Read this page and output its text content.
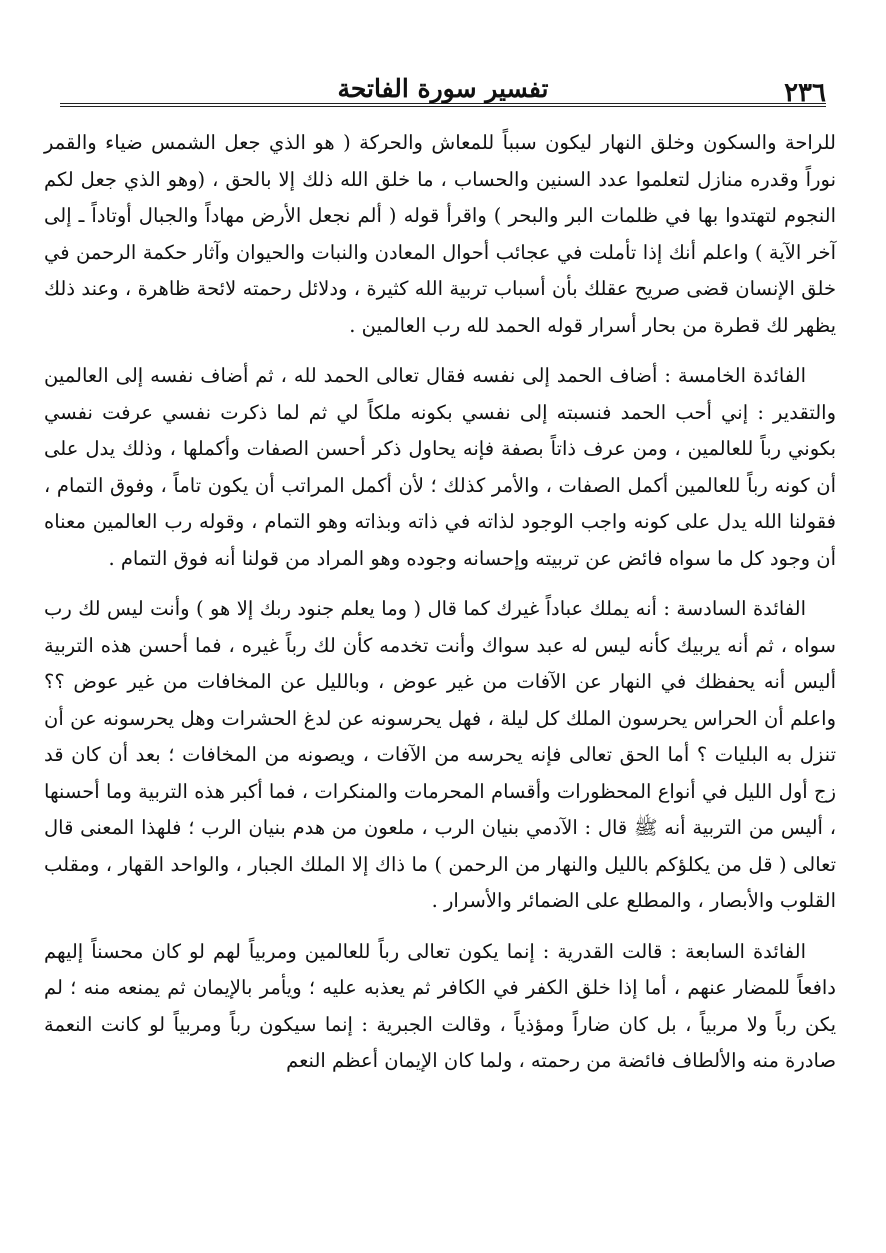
٢٣٦
تفسير سورة الفاتحة

للراحة والسكون وخلق النهار ليكون سبباً للمعاش والحركة ( هو الذي جعل الشمس ضياء والقمر نوراً وقدره منازل لتعلموا عدد السنين والحساب ، ما خلق الله ذلك إلا بالحق ، (وهو الذي جعل لكم النجوم لتهتدوا بها في ظلمات البر والبحر ) واقرأ قوله ( ألم نجعل الأرض مهاداً والجبال أوتاداً ـ إلى آخر الآية ) واعلم أنك إذا تأملت في عجائب أحوال المعادن والنبات والحيوان وآثار حكمة الرحمن في خلق الإنسان قضى صريح عقلك بأن أسباب تربية الله كثيرة ، ودلائل رحمته لائحة ظاهرة ، وعند ذلك يظهر لك قطرة من بحار أسرار قوله الحمد لله رب العالمين .

الفائدة الخامسة : أضاف الحمد إلى نفسه فقال تعالى الحمد لله ، ثم أضاف نفسه إلى العالمين والتقدير : إني أحب الحمد فنسبته إلى نفسي بكونه ملكاً لي ثم لما ذكرت نفسي عرفت نفسي بكوني رباً للعالمين ، ومن عرف ذاتاً بصفة فإنه يحاول ذكر أحسن الصفات وأكملها ، وذلك يدل على أن كونه رباً للعالمين أكمل الصفات ، والأمر كذلك ؛ لأن أكمل المراتب أن يكون تاماً ، وفوق التمام ، فقولنا الله يدل على كونه واجب الوجود لذاته في ذاته وبذاته وهو التمام ، وقوله رب العالمين معناه أن وجود كل ما سواه فائض عن تربيته وإحسانه وجوده وهو المراد من قولنا أنه فوق التمام .

الفائدة السادسة : أنه يملك عباداً غيرك كما قال ( وما يعلم جنود ربك إلا هو ) وأنت ليس لك رب سواه ، ثم أنه يربيك كأنه ليس له عبد سواك وأنت تخدمه كأن لك رباً غيره ، فما أحسن هذه التربية أليس أنه يحفظك في النهار عن الآفات من غير عوض ، وبالليل عن المخافات من غير عوض ؟؟ واعلم أن الحراس يحرسون الملك كل ليلة ، فهل يحرسونه عن لدغ الحشرات وهل يحرسونه عن أن تنزل به البليات ؟ أما الحق تعالى فإنه يحرسه من الآفات ، ويصونه من المخافات ؛ بعد أن كان قد زج أول الليل في أنواع المحظورات وأقسام المحرمات والمنكرات ، فما أكبر هذه التربية وما أحسنها ، أليس من التربية أنه ﷺ قال : الآدمي بنيان الرب ، ملعون من هدم بنيان الرب ؛ فلهذا المعنى قال تعالى ( قل من يكلؤكم بالليل والنهار من الرحمن ) ما ذاك إلا الملك الجبار ، والواحد القهار ، ومقلب القلوب والأبصار ، والمطلع على الضمائر والأسرار .

الفائدة السابعة : قالت القدرية : إنما يكون تعالى رباً للعالمين ومربياً لهم لو كان محسناً إليهم دافعاً للمضار عنهم ، أما إذا خلق الكفر في الكافر ثم يعذبه عليه ؛ ويأمر بالإيمان ثم يمنعه منه ؛ لم يكن رباً ولا مربياً ، بل كان ضاراً ومؤذياً ، وقالت الجبرية : إنما سيكون رباً ومربياً لو كانت النعمة صادرة منه والألطاف فائضة من رحمته ، ولما كان الإيمان أعظم النعم
